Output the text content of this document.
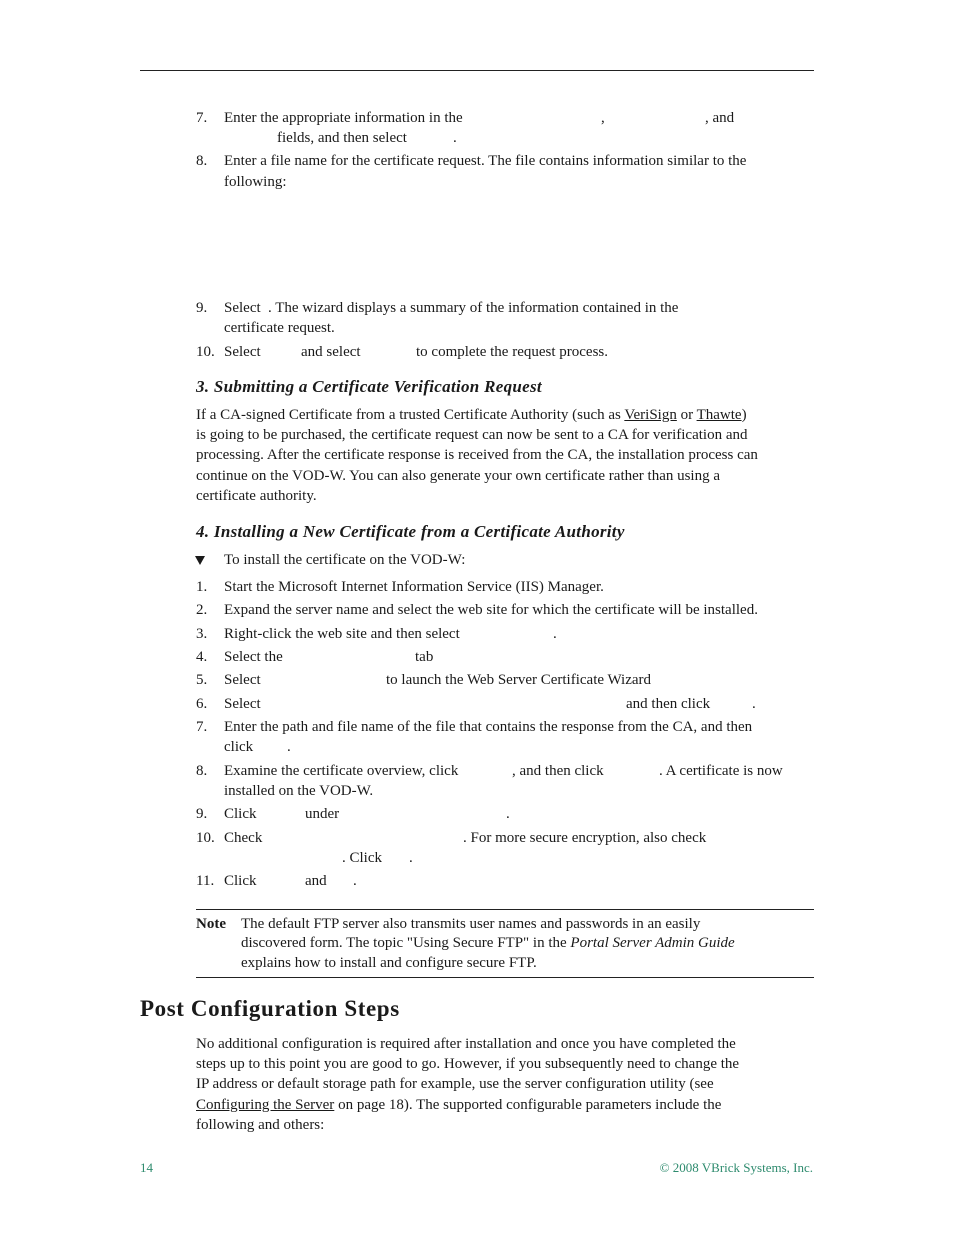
7. Enter the appropriate information in the	,	, and
fields, and then select	.
8. Enter a file name for the certificate request. The file contains information similar to the
following:
9. Select . The wizard displays a summary of the information contained in the
certificate request.
10. Select	and select	to complete the request process.
3. Submitting a Certificate Verification Request

If a CA-signed Certificate from a trusted Certificate Authority (such as VeriSign or Thawte)

is going to be purchased, the certificate request can now be sent to a CA for verification and

processing. After the certificate response is received from the CA, the installation process can

continue on the VOD-W. You can also generate your own certificate rather than using a

certificate authority.

4. Installing a New Certificate from a Certificate Authority
To install the certificate on the VOD-W:
1. Start the Microsoft Internet Information Service (IIS) Manager.
2. Expand the server name and select the web site for which the certificate will be installed.
3. Right-click the web site and then select	.
4. Select the	tab
5. Select	to launch the Web Server Certificate Wizard
6. Select	and then click	.
7. Enter the path and file name of the file that contains the response from the CA, and then
click .
8. Examine the certificate overview, click	, and then click	. A certificate is now
installed on the VOD-W.
9. Click	under	.
10. Check	. For more secure encryption, also check
. Click .
11. Click	and .
Note The default FTP server also transmits user names and passwords in an easily
discovered form. The topic "Using Secure FTP" in the Portal Server Admin Guide
explains how to install and configure secure FTP.
Post Configuration Steps

No additional configuration is required after installation and once you have completed the

steps up to this point you are good to go. However, if you subsequently need to change the

IP address or default storage path for example, use the server configuration utility (see

Configuring the Server on page 18). The supported configurable parameters include the

following and others:

14	© 2008 VBrick Systems, Inc.
